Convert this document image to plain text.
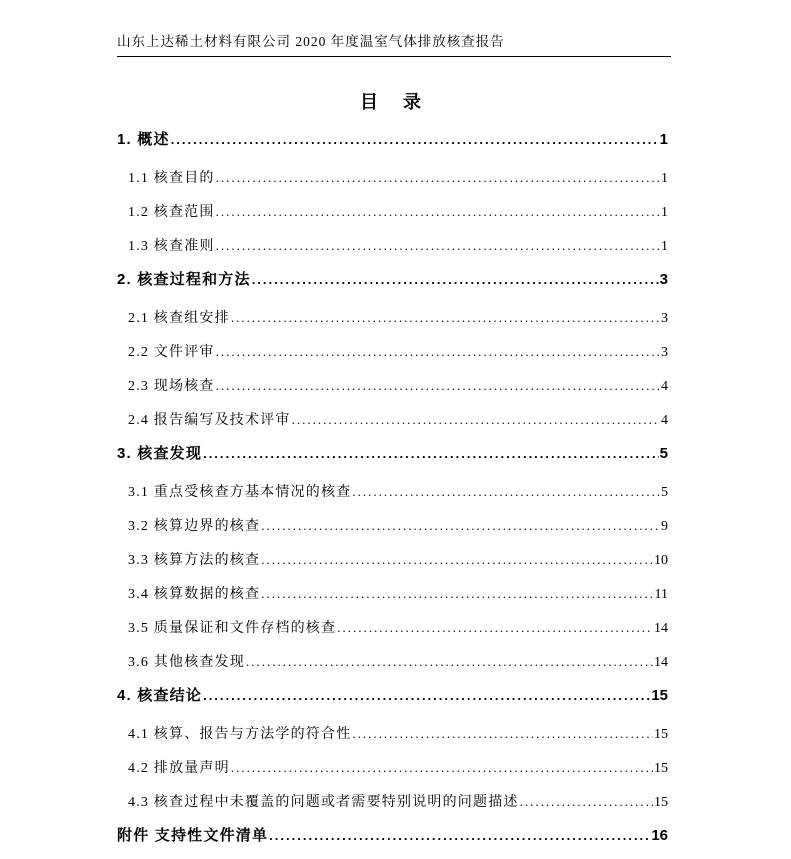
山东上达稀土材料有限公司 2020 年度温室气体排放核查报告
目 录
1. 概述 .....	1
1.1 核查目的 .....	1
1.2 核查范围 .....	1
1.3 核查准则 .....	1
2. 核查过程和方法 .....	3
2.1 核查组安排 .....	3
2.2 文件评审 .....	3
2.3 现场核查 .....	4
2.4 报告编写及技术评审 .....	4
3. 核查发现 .....	5
3.1 重点受核查方基本情况的核查 .....	5
3.2 核算边界的核查 .....	9
3.3 核算方法的核查 .....	10
3.4 核算数据的核查 .....	11
3.5 质量保证和文件存档的核查 .....	14
3.6 其他核查发现 .....	14
4. 核查结论 .....	15
4.1 核算、报告与方法学的符合性 .....	15
4.2 排放量声明 .....	15
4.3 核查过程中未覆盖的问题或者需要特别说明的问题描述 .....	15
附件 支持性文件清单 .....	16
